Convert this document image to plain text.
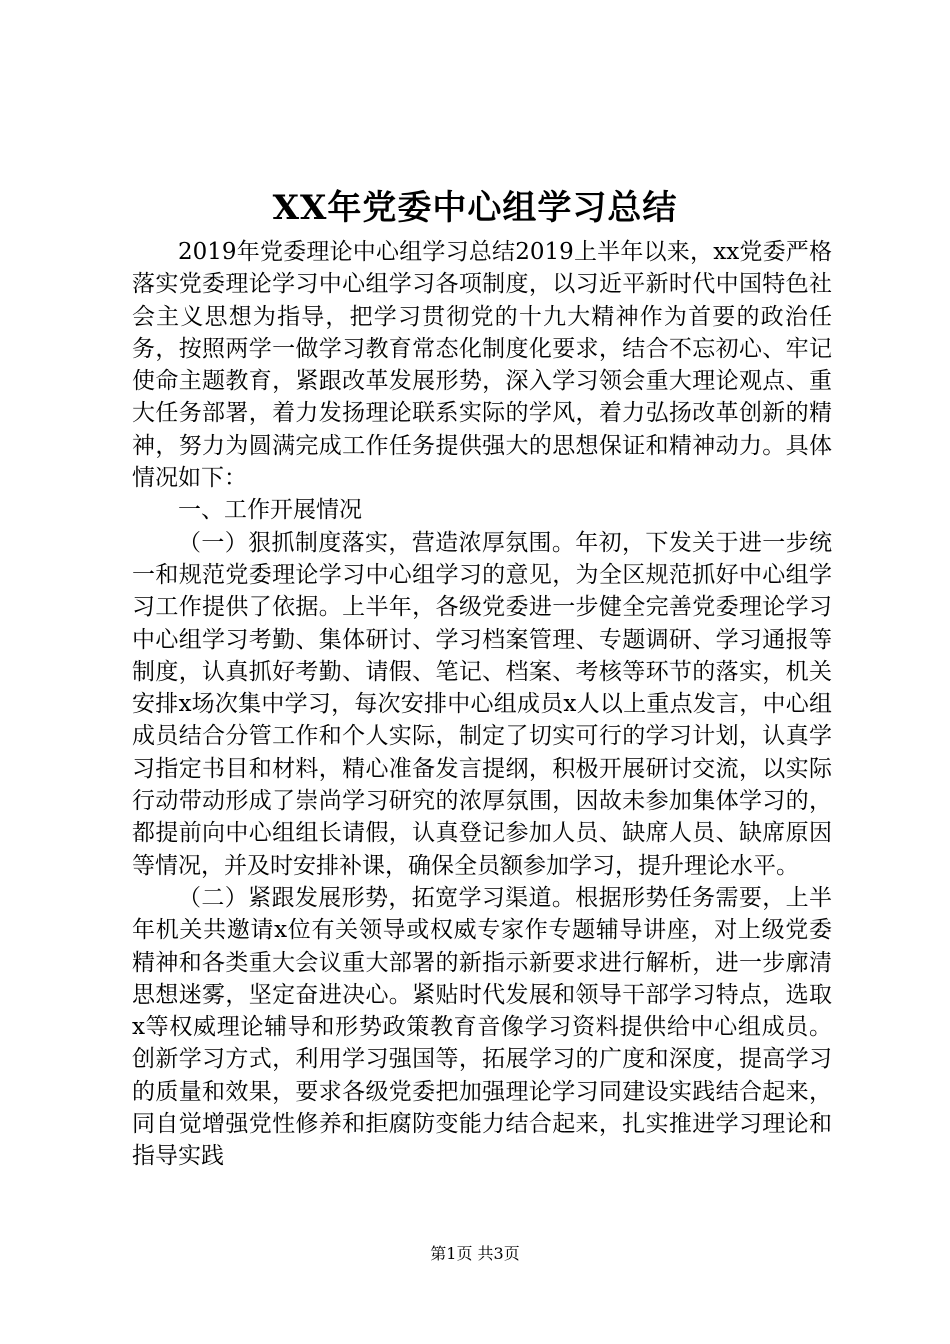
XX年党委中心组学习总结

2019年党委理论中心组学习总结2019上半年以来，xx党委严格落实党委理论学习中心组学习各项制度，以习近平新时代中国特色社会主义思想为指导，把学习贯彻党的十九大精神作为首要的政治任务，按照两学一做学习教育常态化制度化要求，结合不忘初心、牢记使命主题教育，紧跟改革发展形势，深入学习领会重大理论观点、重大任务部署，着力发扬理论联系实际的学风，着力弘扬改革创新的精神，努力为圆满完成工作任务提供强大的思想保证和精神动力。具体情况如下：

一、工作开展情况

（一）狠抓制度落实，营造浓厚氛围。年初，下发关于进一步统一和规范党委理论学习中心组学习的意见，为全区规范抓好中心组学习工作提供了依据。上半年，各级党委进一步健全完善党委理论学习中心组学习考勤、集体研讨、学习档案管理、专题调研、学习通报等制度，认真抓好考勤、请假、笔记、档案、考核等环节的落实，机关安排x场次集中学习，每次安排中心组成员x人以上重点发言，中心组成员结合分管工作和个人实际，制定了切实可行的学习计划，认真学习指定书目和材料，精心准备发言提纲，积极开展研讨交流，以实际行动带动形成了崇尚学习研究的浓厚氛围，因故未参加集体学习的，都提前向中心组组长请假，认真登记参加人员、缺席人员、缺席原因等情况，并及时安排补课，确保全员额参加学习，提升理论水平。

（二）紧跟发展形势，拓宽学习渠道。根据形势任务需要，上半年机关共邀请x位有关领导或权威专家作专题辅导讲座，对上级党委精神和各类重大会议重大部署的新指示新要求进行解析，进一步廓清思想迷雾，坚定奋进决心。紧贴时代发展和领导干部学习特点，选取x等权威理论辅导和形势政策教育音像学习资料提供给中心组成员。创新学习方式，利用学习强国等，拓展学习的广度和深度，提高学习的质量和效果，要求各级党委把加强理论学习同建设实践结合起来，同自觉增强党性修养和拒腐防变能力结合起来，扎实推进学习理论和指导实践

第1页 共3页
